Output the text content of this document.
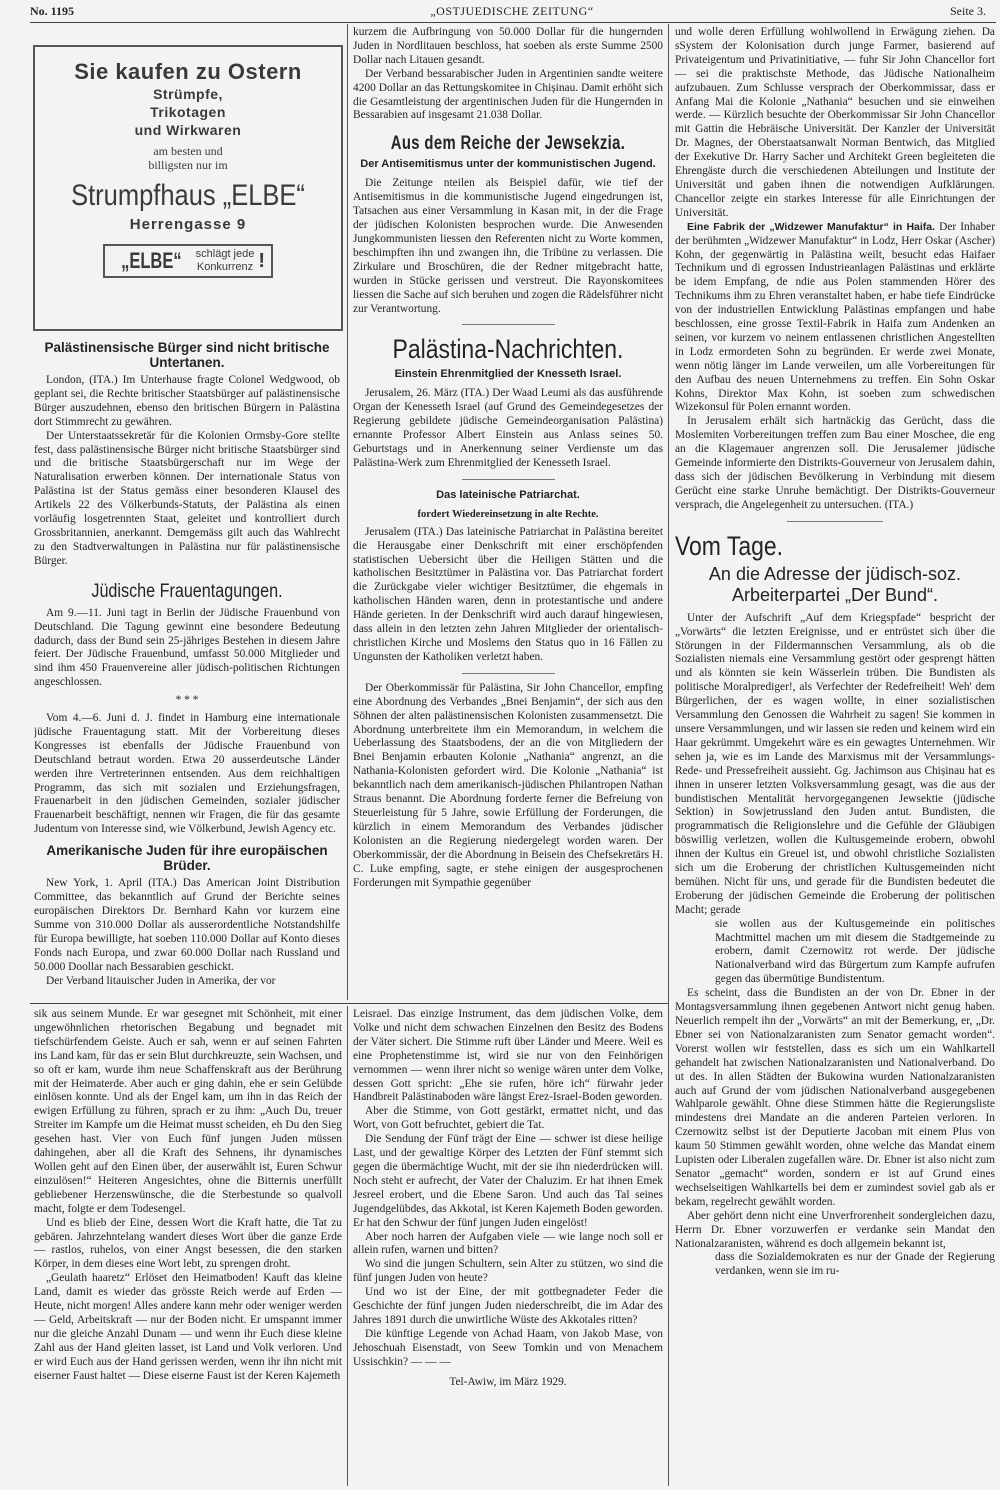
No. 1195	„OSTJUEDISCHE ZEITUNG“	Seite 3.
Sie kaufen zu Ostern
Strümpfe,
Trikotagen
und Wirkwaren
am besten und
billigsten nur im
Strumpfhaus „ELBE“
Herrengasse 9
„ELBE“ schlägt jede
Konkurrenz !
Palästinensische Bürger sind nicht britische Untertanen.

London, (ITA.) Im Unterhause fragte Colonel Wedgwood, ob geplant sei, die Rechte britischer Staatsbürger auf palästinensische Bürger auszudehnen, ebenso den britischen Bürgern in Palästina dort Stimmrecht zu gewähren.

Der Unterstaatssekretär für die Kolonien Ormsby-Gore stellte fest, dass palästinensische Bürger nicht britische Staatsbürger sind und die britische Staatsbürgerschaft nur im Wege der Naturalisation erwerben können. Der internationale Status von Palästina ist der Status gemäss einer besonderen Klausel des Artikels 22 des Völkerbunds-Statuts, der Palästina als einen vorläufig losgetrennten Staat, geleitet und kontrolliert durch Grossbritannien, anerkannt. Demgemäss gilt auch das Wahlrecht zu den Stadtverwaltungen in Palästina nur für palästinensische Bürger.

Jüdische Frauentagungen.

Am 9.—11. Juni tagt in Berlin der Jüdische Frauenbund von Deutschland. Die Tagung gewinnt eine besondere Bedeutung dadurch, dass der Bund sein 25-jähriges Bestehen in diesem Jahre feiert. Der Jüdische Frauenbund, umfasst 50.000 Mitglieder und sind ihm 450 Frauenvereine aller jüdisch-politischen Richtungen angeschlossen.

* * *

Vom 4.—6. Juni d. J. findet in Hamburg eine internationale jüdische Frauentagung statt. Mit der Vorbereitung dieses Kongresses ist ebenfalls der Jüdische Frauenbund von Deutschland betraut worden. Etwa 20 ausserdeutsche Länder werden ihre Vertreterinnen entsenden. Aus dem reichhaltigen Programm, das sich mit sozialen und Erziehungsfragen, Frauenarbeit in den jüdischen Gemeinden, sozialer jüdischer Frauenarbeit beschäftigt, nennen wir Fragen, die für das gesamte Judentum von Interesse sind, wie Völkerbund, Jewish Agency etc.

Amerikanische Juden für ihre europäischen Brüder.

New York, 1. April (ITA.) Das American Joint Distribution Committee, das bekanntlich auf Grund der Berichte seines europäischen Direktors Dr. Bernhard Kahn vor kurzem eine Summe von 310.000 Dollar als ausserordentliche Notstandshilfe für Europa bewilligte, hat soeben 110.000 Dollar auf Konto dieses Fonds nach Europa, und zwar 60.000 Dollar nach Russland und 50.000 Doollar nach Bessarabien geschickt.

Der Verband litauischer Juden in Amerika, der vor

kurzem die Aufbringung von 50.000 Dollar für die hungernden Juden in Nordlitauen beschloss, hat soeben als erste Summe 2500 Dollar nach Litauen gesandt.

Der Verband bessarabischer Juden in Argentinien sandte weitere 4200 Dollar an das Rettungskomitee in Chișinau. Damit erhöht sich die Gesamtleistung der argentinischen Juden für die Hungernden in Bessarabien auf insgesamt 21.038 Dollar.

Aus dem Reiche der Jewsekzia.
Der Antisemitismus unter der kommunistischen Jugend.

Die Zeitunge nteilen als Beispiel dafür, wie tief der Antisemitismus in die kommunistische Jugend eingedrungen ist, Tatsachen aus einer Versammlung in Kasan mit, in der die Frage der jüdischen Kolonisten besprochen wurde. Die Anwesenden Jungkommunisten liessen den Referenten nicht zu Worte kommen, beschimpften ihn und zwangen ihn, die Tribüne zu verlassen. Die Zirkulare und Broschüren, die der Redner mitgebracht hatte, wurden in Stücke gerissen und verstreut. Die Rayonskomitees liessen die Sache auf sich beruhen und zogen die Rädelsführer nicht zur Verantwortung.

Palästina-Nachrichten.
Einstein Ehrenmitglied der Knesseth Israel.

Jerusalem, 26. März (ITA.) Der Waad Leumi als das ausführende Organ der Kenesseth Israel (auf Grund des Gemeindegesetzes der Regierung gebildete jüdische Gemeindeorganisation Palästina) ernannte Professor Albert Einstein aus Anlass seines 50. Geburtstags und in Anerkennung seiner Verdienste um das Palästina-Werk zum Ehrenmitglied der Kenesseth Israel.

Das lateinische Patriarchat.
fordert Wiedereinsetzung in alte Rechte.

Jerusalem (ITA.) Das lateinische Patriarchat in Palästina bereitet die Herausgabe einer Denkschrift mit einer erschöpfenden statistischen Uebersicht über die Heiligen Stätten und die katholischen Besitztümer in Palästina vor. Das Patriarchat fordert die Zurückgabe vieler wichtiger Besitztümer, die ehgemals in katholischen Händen waren, denn in protestantische und andere Hände gerieten. In der Denkschrift wird auch darauf hingewiesen, dass allein in den letzten zehn Jahren Mitglieder der orientalisch-christlichen Kirche und Moslems den Status quo in 16 Fällen zu Ungunsten der Katholiken verletzt haben.

Der Oberkommissär für Palästina, Sir John Chancellor, empfing eine Abordnung des Verbandes „Bnei Benjamin“, der sich aus den Söhnen der alten palästinensischen Kolonisten zusammensetzt. Die Abordnung unterbreitete ihm ein Memorandum, in welchem die Ueberlassung des Staatsbodens, der an die von Mitgliedern der Bnei Benjamin erbauten Kolonie „Nathania“ angrenzt, an die Nathania-Kolonisten gefordert wird. Die Kolonie „Nathania“ ist bekanntlich nach dem amerikanisch-jüdischen Philantropen Nathan Straus benannt. Die Abordnung forderte ferner die Befreiung von Steuerleistung für 5 Jahre, sowie Erfüllung der Forderungen, die kürzlich in einem Memorandum des Verbandes jüdischer Kolonisten an die Regierung niedergelegt worden waren. Der Oberkommissär, der die Abordnung in Beisein des Chefsekretärs H. C. Luke empfing, sagte, er stehe einigen der ausgesprochenen Forderungen mit Sympathie gegenüber

und wolle deren Erfüllung wohlwollend in Erwägung ziehen. Da sSystem der Kolonisation durch junge Farmer, basierend auf Privateigentum und Privatinitiative, — fuhr Sir John Chancellor fort — sei die praktischste Methode, das Jüdische Nationalheim aufzubauen. Zum Schlusse versprach der Oberkommissar, dass er Anfang Mai die Kolonie „Nathania“ besuchen und sie einweihen werde. — Kürzlich besuchte der Oberkommissar Sir John Chancellor mit Gattin die Hebräische Universität. Der Kanzler der Universität Dr. Magnes, der Oberstaatsanwalt Norman Bentwich, das Mitglied der Exekutive Dr. Harry Sacher und Architekt Green begleiteten die Ehrengäste durch die verschiedenen Abteilungen und Institute der Universität und gaben ihnen die notwendigen Aufklärungen. Chancellor zeigte ein starkes Interesse für alle Einrichtungen der Universität.

Eine Fabrik der „Widzewer Manufaktur“ in Haifa. Der Inhaber der berühmten „Widzewer Manufaktur“ in Lodz, Herr Oskar (Ascher) Kohn, der gegenwärtig in Palästina weilt, besucht edas Haifaer Technikum und di egrossen Industrieanlagen Palästinas und erklärte be idem Empfang, de ndie aus Polen stammenden Hörer des Technikums ihm zu Ehren veranstaltet haben, er habe tiefe Eindrücke von der industriellen Entwicklung Palästinas empfangen und habe beschlossen, eine grosse Textil-Fabrik in Haifa zum Andenken an seinen, vor kurzem vo neinem entlassenen christlichen Angestellten in Lodz ermordeten Sohn zu begründen. Er werde zwei Monate, wenn nötig länger im Lande verweilen, um alle Vorbereitungen für den Aufbau des neuen Unternehmens zu treffen. Ein Sohn Oskar Kohns, Direktor Max Kohn, ist soeben zum schwedischen Wizekonsul für Polen ernannt worden.

In Jerusalem erhält sich hartnäckig das Gerücht, dass die Moslemiten Vorbereitungen treffen zum Bau einer Moschee, die eng an die Klagemauer angrenzen soll. Die Jerusalemer jüdische Gemeinde informierte den Distrikts-Gouverneur von Jerusalem dahin, dass sich der jüdischen Bevölkerung in Verbindung mit diesem Gerücht eine starke Unruhe bemächtigt. Der Distrikts-Gouverneur versprach, die Angelegenheit zu untersuchen. (ITA.)

Vom Tage.
An die Adresse der jüdisch-soz. Arbeiterpartei „Der Bund“.

Unter der Aufschrift „Auf dem Kriegspfade“ bespricht der „Vorwärts“ die letzten Ereignisse, und er entrüstet sich über die Störungen in der Fildermannschen Versammlung, als ob die Sozialisten niemals eine Versammlung gestört oder gesprengt hätten und als könnten sie kein Wässerlein trüben. Die Bundisten als politische Moralprediger!, als Verfechter der Redefreiheit! Weh' dem Bürgerlichen, der es wagen wollte, in einer sozialistischen Versammlung den Genossen die Wahrheit zu sagen! Sie kommen in unsere Versammlungen, und wir lassen sie reden und keinem wird ein Haar gekrümmt. Umgekehrt wäre es ein gewagtes Unternehmen. Wir sehen ja, wie es im Lande des Marxismus mit der Versammlungs- Rede- und Pressefreiheit aussieht. Gg. Jachimson aus Chișinau hat es ihnen in unserer letzten Volksversammlung gesagt, was die aus der bundistischen Mentalität hervorgegangenen Jewsektie (jüdische Sektion) in Sowjetrussland den Juden antut. Bundisten, die programmatisch die Religionslehre und die Gefühle der Gläubigen böswillig verletzen, wollen die Kultusgemeinde erobern, obwohl ihnen der Kultus ein Greuel ist, und obwohl christliche Sozialisten sich um die Eroberung der christlichen Kultusgemeinden nicht bemühen. Nicht für uns, und gerade für die Bundisten bedeutet die Eroberung der jüdischen Gemeinde die Eroberung der politischen Macht; gerade

sie wollen aus der Kultusgemeinde ein politisches Machtmittel machen um mit diesem die Stadtgemeinde zu erobern, damit Czernowitz rot werde. Der jüdische Nationalverband wird das Bürgertum zum Kampfe aufrufen gegen das übermütige Bundistentum.

Es scheint, dass die Bundisten an der von Dr. Ebner in der Montagsversammlung ihnen gegebenen Antwort nicht genug haben. Neuerlich rempelt ihn der „Vorwärts“ an mit der Bemerkung, er, „Dr. Ebner sei von Nationalzaranisten zum Senator gemacht worden“. Vorerst wollen wir feststellen, dass es sich um ein Wahlkartell gehandelt hat zwischen Nationalzaranisten und Nationalverband. Do ut des. In allen Städten der Bukowina wurden Nationalzaranisten auch auf Grund der vom jüdischen Nationalverband ausgegebenen Wahlparole gewählt. Ohne diese Stimmen hätte die Regierungsliste mindestens drei Mandate an die anderen Parteien verloren. In Czernowitz selbst ist der Deputierte Jacoban mit einem Plus von kaum 50 Stimmen gewählt worden, ohne welche das Mandat einem Lupisten oder Liberalen zugefallen wäre. Dr. Ebner ist also nicht zum Senator „gemacht“ worden, sondern er ist auf Grund eines wechselseitigen Wahlkartells bei dem er zumindest soviel gab als er bekam, regelrecht gewählt worden.

Aber gehört denn nicht eine Unverfrorenheit sondergleichen dazu, Herrn Dr. Ebner vorzuwerfen er verdanke sein Mandat den Nationalzaranisten, während es doch allgemein bekannt ist,

dass die Sozialdemokraten es nur der Gnade der Regierung verdanken, wenn sie im ru-

sik aus seinem Munde. Er war gesegnet mit Schönheit, mit einer ungewöhnlichen rhetorischen Begabung und begnadet mit tiefschürfendem Geiste. Auch er sah, wenn er auf seinen Fahrten ins Land kam, für das er sein Blut durchkreuzte, sein Wachsen, und so oft er kam, wurde ihm neue Schaffenskraft aus der Berührung mit der Heimaterde. Aber auch er ging dahin, ehe er sein Gelübde einlösen konnte. Und als der Engel kam, um ihn in das Reich der ewigen Erfüllung zu führen, sprach er zu ihm: „Auch Du, treuer Streiter im Kampfe um die Heimat musst scheiden, eh Du den Sieg gesehen hast. Vier von Euch fünf jungen Juden müssen dahingehen, aber all die Kraft des Sehnens, ihr dynamisches Wollen geht auf den Einen über, der auserwählt ist, Euren Schwur einzulösen!“ Heiteren Angesichtes, ohne die Bitternis unerfüllt gebliebener Herzenswünsche, die die Sterbestunde so qualvoll macht, folgte er dem Todesengel.

Und es blieb der Eine, dessen Wort die Kraft hatte, die Tat zu gebären. Jahrzehntelang wandert dieses Wort über die ganze Erde — rastlos, ruhelos, von einer Angst besessen, die den starken Körper, in dem dieses eine Wort lebt, zu sprengen droht.

„Geulath haaretz“ Erlöset den Heimatboden! Kauft das kleine Land, damit es wieder das grösste Reich werde auf Erden — Heute, nicht morgen! Alles andere kann mehr oder weniger werden — Geld, Arbeitskraft — nur der Boden nicht. Er umspannt immer nur die gleiche Anzahl Dunam — und wenn ihr Euch diese kleine Zahl aus der Hand gleiten lasset, ist Land und Volk verloren. Und er wird Euch aus der Hand gerissen werden, wenn ihr ihn nicht mit eiserner Faust haltet — Diese eiserne Faust ist der Keren Kajemeth

Leisrael. Das einzige Instrument, das dem jüdischen Volke, dem Volke und nicht dem schwachen Einzelnen den Besitz des Bodens der Väter sichert. Die Stimme ruft über Länder und Meere. Weil es eine Prophetenstimme ist, wird sie nur von den Feinhörigen vernommen — wenn ihrer nicht so wenige wären unter dem Volke, dessen Gott spricht: „Ehe sie rufen, höre ich“ fürwahr jeder Handbreit Palästinaboden wäre längst Erez-Israel-Boden geworden.

Aber die Stimme, von Gott gestärkt, ermattet nicht, und das Wort, von Gott befruchtet, gebiert die Tat.

Die Sendung der Fünf trägt der Eine — schwer ist diese heilige Last, und der gewaltige Körper des Letzten der Fünf stemmt sich gegen die übermächtige Wucht, mit der sie ihn niederdrücken will. Noch steht er aufrecht, der Vater der Chaluzim. Er hat ihnen Emek Jesreel erobert, und die Ebene Saron. Und auch das Tal seines Jugendgelübdes, das Akkotal, ist Keren Kajemeth Boden geworden. Er hat den Schwur der fünf jungen Juden eingelöst!

Aber noch harren der Aufgaben viele — wie lange noch soll er allein rufen, warnen und bitten?

Wo sind die jungen Schultern, sein Alter zu stützen, wo sind die fünf jungen Juden von heute?

Und wo ist der Eine, der mit gottbegnadeter Feder die Geschichte der fünf jungen Juden niederschreibt, die im Adar des Jahres 1891 durch die unwirtliche Wüste des Akkotales ritten?

Die künftige Legende von Achad Haam, von Jakob Mase, von Jehoschuah Eisenstadt, von Seew Tomkin und von Menachem Ussischkin? — — —

Tel-Awiw, im März 1929.
